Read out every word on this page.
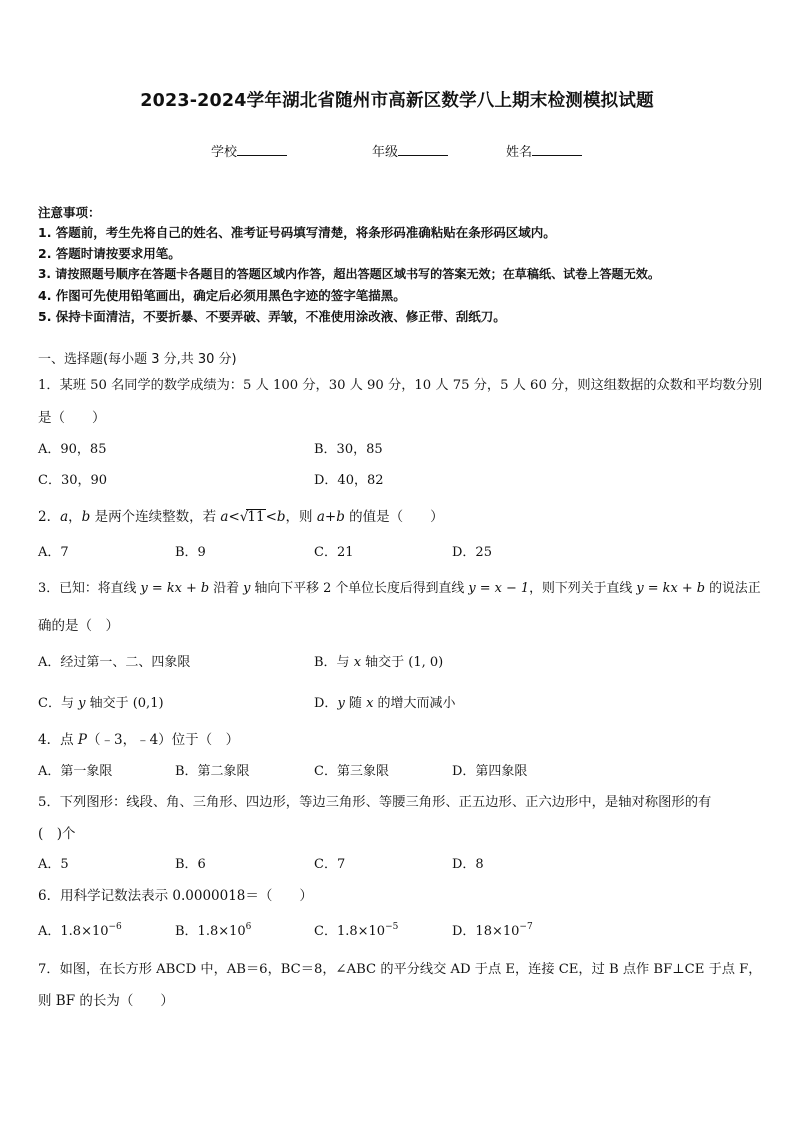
2023-2024学年湖北省随州市高新区数学八上期末检测模拟试题
学校	年级	姓名
注意事项：
1. 答题前，考生先将自己的姓名、准考证号码填写清楚，将条形码准确粘贴在条形码区域内。
2. 答题时请按要求用笔。
3. 请按照题号顺序在答题卡各题目的答题区域内作答，超出答题区域书写的答案无效；在草稿纸、试卷上答题无效。
4. 作图可先使用铅笔画出，确定后必须用黑色字迹的签字笔描黑。
5. 保持卡面清洁，不要折暴、不要弄破、弄皱，不准使用涂改液、修正带、刮纸刀。
一、选择题(每小题 3 分,共 30 分)
1．某班 50 名同学的数学成绩为：5 人 100 分，30 人 90 分，10 人 75 分，5 人 60 分，则这组数据的众数和平均数分别
是（　　）
A．90，85	B．30，85
C．30，90	D．40，82
2．a，b 是两个连续整数，若 a<√11<b，则 a+b 的值是（　　）
A．7	B．9	C．21	D．25
3．已知：将直线 y = kx + b 沿着 y 轴向下平移 2 个单位长度后得到直线 y = x − 1，则下列关于直线 y = kx + b 的说法正
确的是（　）
A．经过第一、二、四象限	B．与 x 轴交于 (1, 0)
C．与 y 轴交于 (0,1)	D．y 随 x 的增大而减小
4．点 P（﹣3，﹣4）位于（　）
A．第一象限	B．第二象限	C．第三象限	D．第四象限
5．下列图形：线段、角、三角形、四边形，等边三角形、等腰三角形、正五边形、正六边形中，是轴对称图形的有
(　)个
A．5	B．6	C．7	D．8
6．用科学记数法表示 0.0000018＝（　　）
A．$1.8\times 10^{-6}$	B．$1.8\times 10^6$	C．$1.8\times 10^{-5}$	D．$18\times 10^{-7}$
7．如图，在长方形 ABCD 中，AB＝6，BC＝8，∠ABC 的平分线交 AD 于点 E，连接 CE，过 B 点作 BF⊥CE 于点 F，
则 BF 的长为（　　）
